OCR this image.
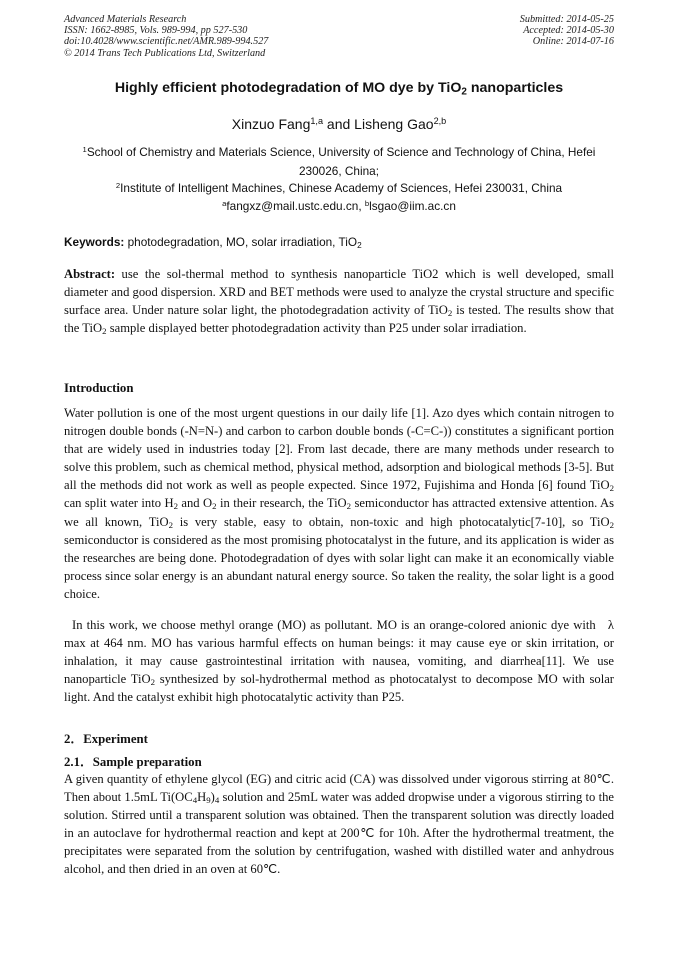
Advanced Materials Research
ISSN: 1662-8985, Vols. 989-994, pp 527-530
doi:10.4028/www.scientific.net/AMR.989-994.527
© 2014 Trans Tech Publications Ltd, Switzerland
Submitted: 2014-05-25
Accepted: 2014-05-30
Online: 2014-07-16
Highly efficient photodegradation of MO dye by TiO$_2$ nanoparticles
Xinzuo Fang$^{1,a}$ and Lisheng Gao$^{2,b}$
$^1$School of Chemistry and Materials Science, University of Science and Technology of China, Hefei 230026, China;
$^2$Institute of Intelligent Machines, Chinese Academy of Sciences, Hefei 230031, China
$^a$fangxz@mail.ustc.edu.cn, $^b$lsgao@iim.ac.cn
Keywords: photodegradation, MO, solar irradiation, TiO$_2$
Abstract: use the sol-thermal method to synthesis nanoparticle TiO2 which is well developed, small diameter and good dispersion. XRD and BET methods were used to analyze the crystal structure and specific surface area. Under nature solar light, the photodegradation activity of TiO$_2$ is tested. The results show that the TiO$_2$ sample displayed better photodegradation activity than P25 under solar irradiation.
Introduction
Water pollution is one of the most urgent questions in our daily life [1]. Azo dyes which contain nitrogen to nitrogen double bonds (-N=N-) and carbon to carbon double bonds (-C=C-)) constitutes a significant portion that are widely used in industries today [2]. From last decade, there are many methods under research to solve this problem, such as chemical method, physical method, adsorption and biological methods [3-5]. But all the methods did not work as well as people expected. Since 1972, Fujishima and Honda [6] found TiO$_2$ can split water into $H_2$ and $O_2$ in their research, the TiO$_2$ semiconductor has attracted extensive attention. As we all known, TiO$_2$ is very stable, easy to obtain, non-toxic and high photocatalytic[7-10], so TiO$_2$ semiconductor is considered as the most promising photocatalyst in the future, and its application is wider as the researches are being done. Photodegradation of dyes with solar light can make it an economically viable process since solar energy is an abundant natural energy source. So taken the reality, the solar light is a good choice.
In this work, we choose methyl orange (MO) as pollutant. MO is an orange-colored anionic dye with   λ max at 464 nm. MO has various harmful effects on human beings: it may cause eye or skin irritation, or inhalation, it may cause gastrointestinal irritation with nausea, vomiting, and diarrhea[11]. We use nanoparticle TiO$_2$ synthesized by sol-hydrothermal method as photocatalyst to decompose MO with solar light. And the catalyst exhibit high photocatalytic activity than P25.
2．Experiment
2.1．Sample preparation
A given quantity of ethylene glycol (EG) and citric acid (CA) was dissolved under vigorous stirring at 80℃. Then about 1.5mL $Ti(OC_4H_9)_4$ solution and 25mL water was added dropwise under a vigorous stirring to the solution. Stirred until a transparent solution was obtained. Then the transparent solution was directly loaded in an autoclave for hydrothermal reaction and kept at 200℃ for 10h. After the hydrothermal treatment, the precipitates were separated from the solution by centrifugation, washed with distilled water and anhydrous alcohol, and then dried in an oven at 60℃.
